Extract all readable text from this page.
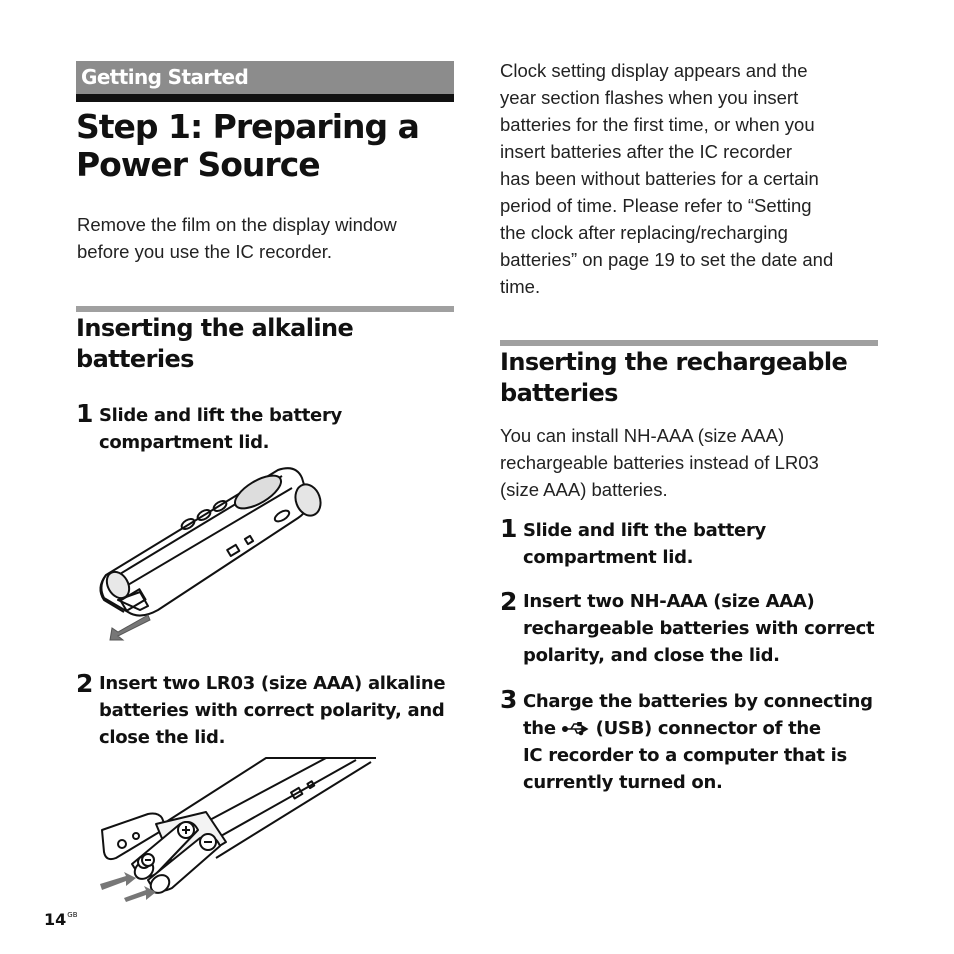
Getting Started
Step 1: Preparing a
Power Source
Remove the film on the display window
before you use the IC recorder.
Inserting the alkaline
batteries
1 Slide and lift the battery
compartment lid.
2 Insert two LR03 (size AAA) alkaline
batteries with correct polarity, and
close the lid.
$14^{GB}$
Clock setting display appears and the
year section flashes when you insert
batteries for the first time, or when you
insert batteries after the IC recorder
has been without batteries for a certain
period of time. Please refer to “Setting
the clock after replacing/recharging
batteries” on page 19 to set the date and
time.
Inserting the rechargeable
batteries
You can install NH-AAA (size AAA)
rechargeable batteries instead of LR03
(size AAA) batteries.
1 Slide and lift the battery
compartment lid.
2 Insert two NH-AAA (size AAA)
rechargeable batteries with correct
polarity, and close the lid.
3 Charge the batteries by connecting
the (USB) connector of the
IC recorder to a computer that is
currently turned on.
